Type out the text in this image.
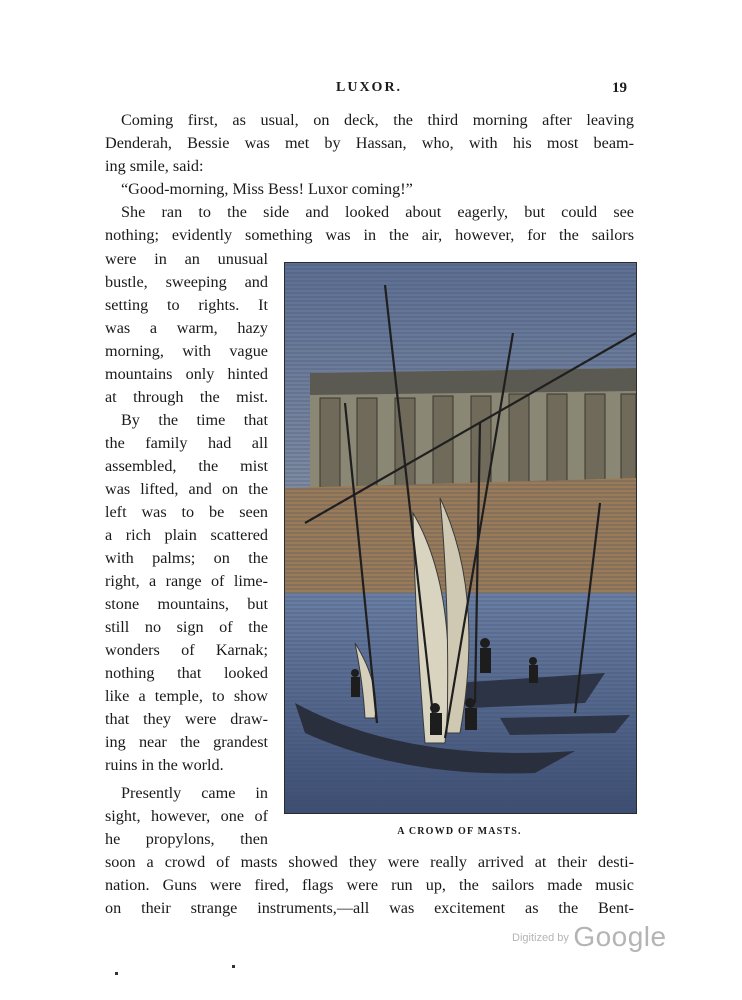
LUXOR.	1⁠9
Coming first, as usual, on deck, the third morning after leaving
Denderah, Bessie was met by Hassan, who, with his most beam-
ing smile, said:
“Good-morning, Miss Bess! Luxor coming!”
She ran to the side and looked about eagerly, but could see
nothing; evidently something was in the air, however, for the sailors
were in an unusual
bustle, sweeping and
setting to rights. It
was a warm, hazy
morning, with vague
mountains only hinted
at through the mist.
By the time that
the family had all
assembled, the mist
was lifted, and on the
left was to be seen
a rich plain scattered
with palms; on the
right, a range of lime-
stone mountains, but
still no sign of the
wonders of Karnak;
nothing that looked
like a temple, to show
that they were draw-
ing near the grandest
ruins in the world.
Presently came in
sight, however, one of
he propylons, then
soon a crowd of masts showed they were really arrived at their desti-
nation. Guns were fired, flags were run up, the sailors made music
on their strange instruments,—all was excitement as the Bent-
A CROWD OF MASTS.
$^{Digitized by}$ Google
